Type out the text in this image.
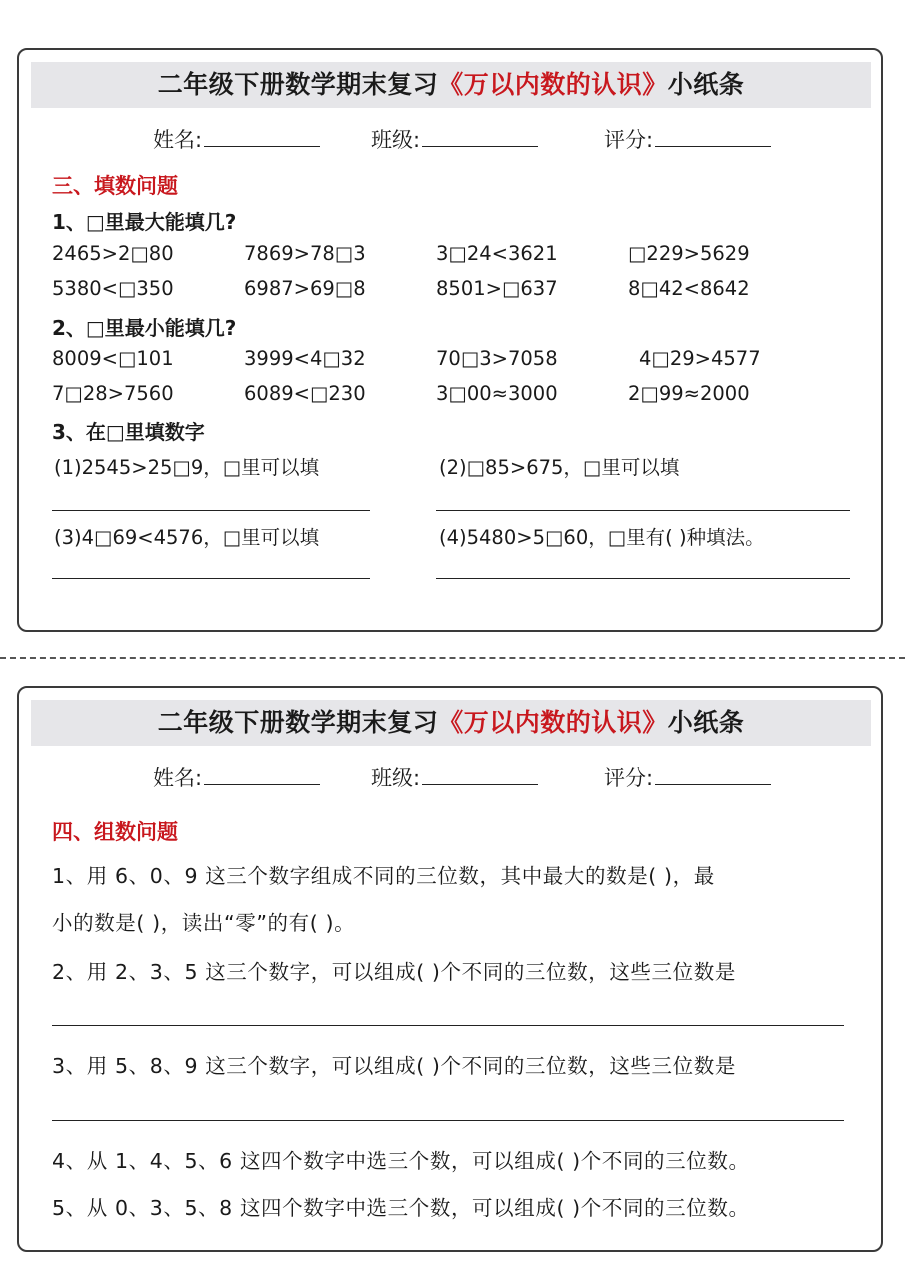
二年级下册数学期末复习《万以内数的认识》小纸条
姓名:	班级:	评分:
三、填数问题
1、□里最大能填几?
2465>2□80	7869>78□3	3□24<3621	□229>5629
5380<□350	6987>69□8	8501>□637	8□42<8642
2、□里最小能填几?
8009<□101	3999<4□32	70□3>7058	4□29>4577
7□28>7560	6089<□230	3□00≈3000	2□99≈2000
3、在□里填数字
(1)2545>25□9，□里可以填	(2)□85>675，□里可以填
(3)4□69<4576，□里可以填	(4)5480>5□60，□里有( )种填法。
二年级下册数学期末复习《万以内数的认识》小纸条
姓名:	班级:	评分:
四、组数问题
1、用 6、0、9 这三个数字组成不同的三位数，其中最大的数是( )，最
小的数是( )，读出“零”的有( )。
2、用 2、3、5 这三个数字，可以组成( )个不同的三位数，这些三位数是
3、用 5、8、9 这三个数字，可以组成( )个不同的三位数，这些三位数是
4、从 1、4、5、6 这四个数字中选三个数，可以组成( )个不同的三位数。
5、从 0、3、5、8 这四个数字中选三个数，可以组成( )个不同的三位数。
